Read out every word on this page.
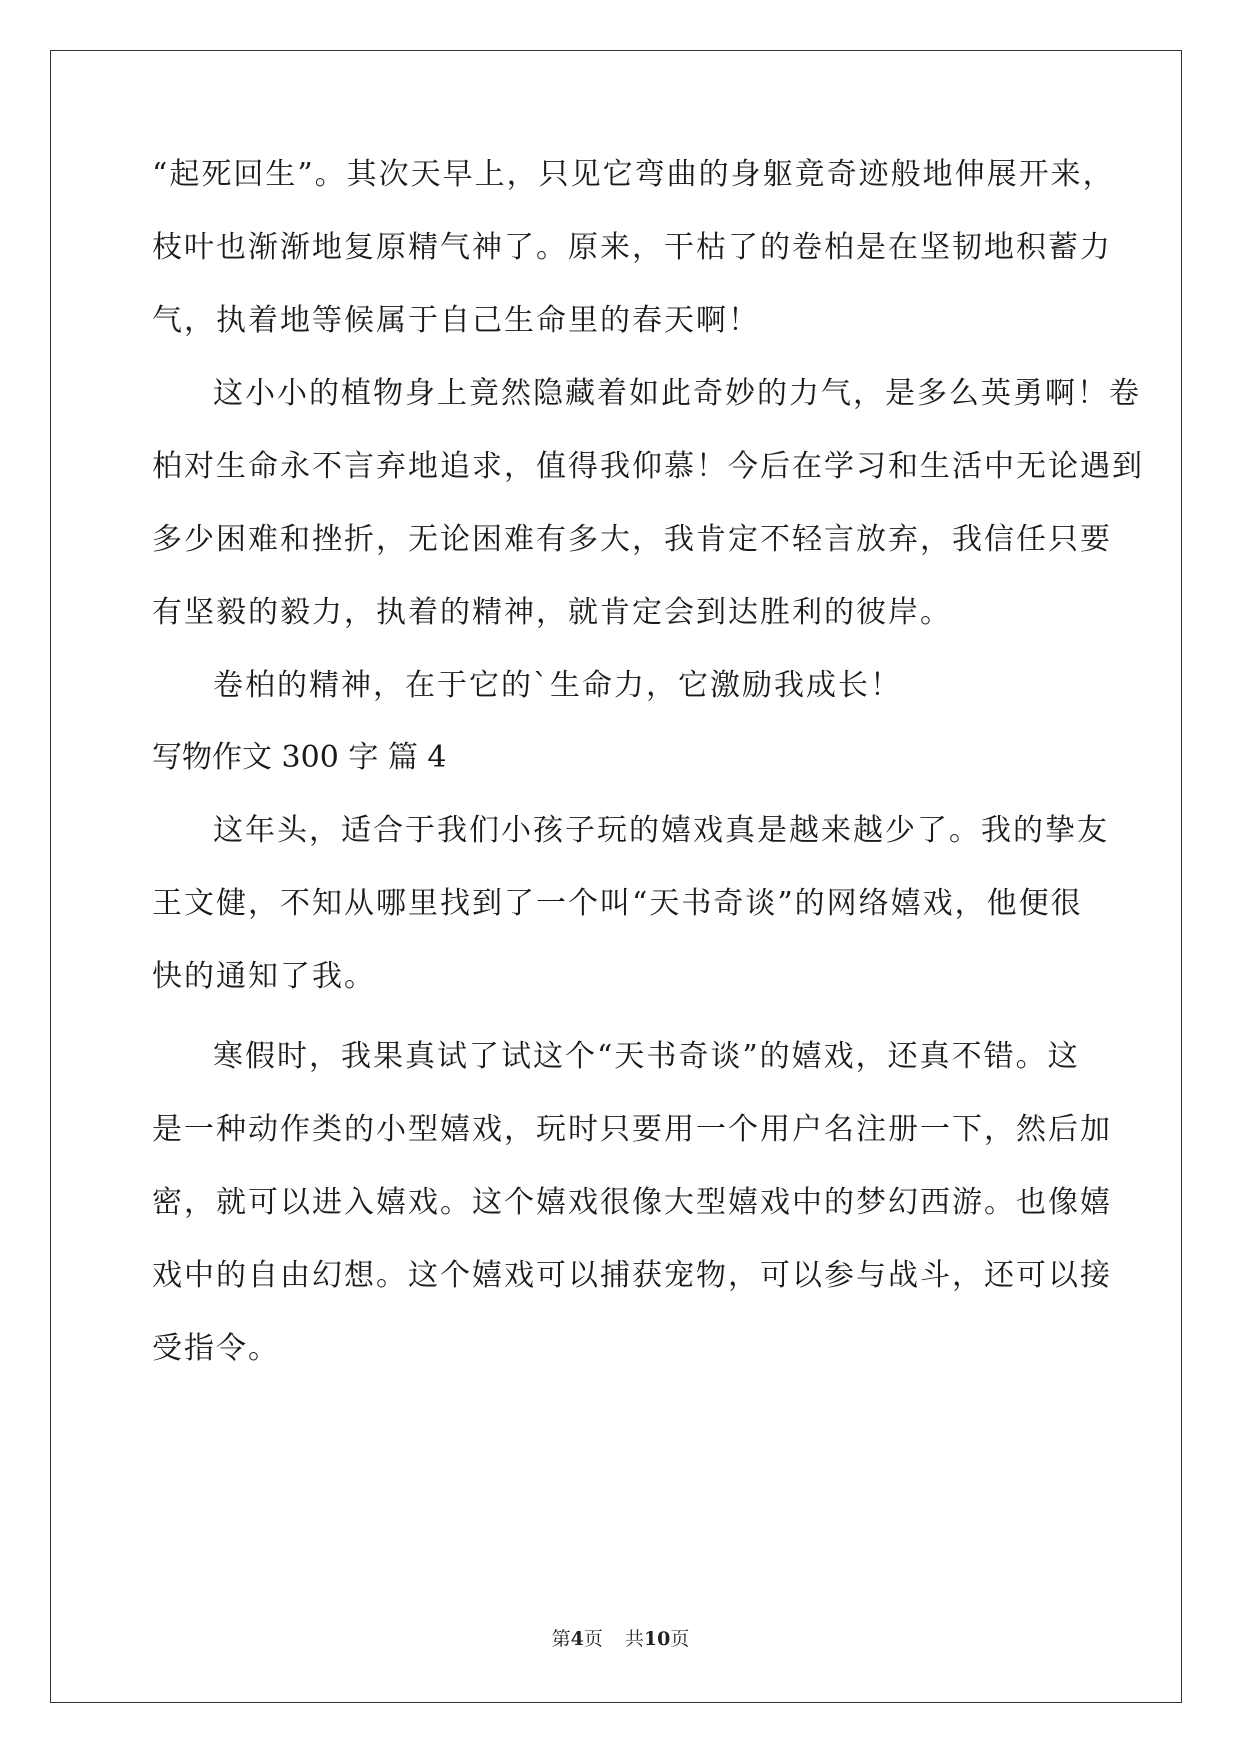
“起死回生”。其次天早上，只见它弯曲的身躯竟奇迹般地伸展开来，
枝叶也渐渐地复原精气神了。原来，干枯了的卷柏是在坚韧地积蓄力
气，执着地等候属于自己生命里的春天啊！
这小小的植物身上竟然隐藏着如此奇妙的力气，是多么英勇啊！卷
柏对生命永不言弃地追求，值得我仰慕！今后在学习和生活中无论遇到
多少困难和挫折，无论困难有多大，我肯定不轻言放弃，我信任只要
有坚毅的毅力，执着的精神，就肯定会到达胜利的彼岸。
卷柏的精神，在于它的`生命力，它激励我成长！
写物作文 300 字 篇 4
这年头，适合于我们小孩子玩的嬉戏真是越来越少了。我的挚友
王文健，不知从哪里找到了一个叫“天书奇谈”的网络嬉戏，他便很
快的通知了我。
寒假时，我果真试了试这个“天书奇谈”的嬉戏，还真不错。这
是一种动作类的小型嬉戏，玩时只要用一个用户名注册一下，然后加
密，就可以进入嬉戏。这个嬉戏很像大型嬉戏中的梦幻西游。也像嬉
戏中的自由幻想。这个嬉戏可以捕获宠物，可以参与战斗，还可以接
受指令。
第4页 共10页
